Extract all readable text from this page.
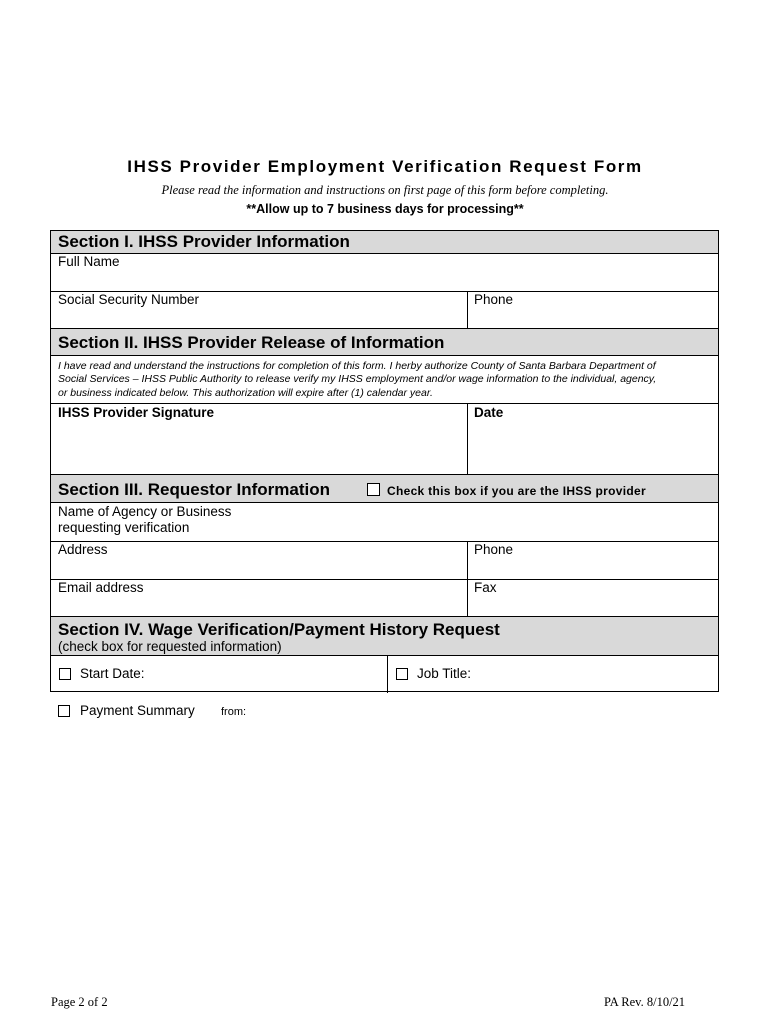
IHSS Provider Employment Verification Request Form
Please read the information and instructions on first page of this form before completing.
**Allow up to 7 business days for processing**
Section I. IHSS Provider Information
Full Name
Social Security Number	Phone
Section II. IHSS Provider Release of Information
I have read and understand the instructions for completion of this form. I herby authorize County of Santa Barbara Department of
Social Services – IHSS Public Authority to release verify my IHSS employment and/or wage information to the individual, agency,
or business indicated below. This authorization will expire after (1) calendar year.
IHSS Provider Signature	Date
Section III. Requestor Information	Check this box if you are the IHSS provider
Name of Agency or Business
requesting verification
Address	Phone
Email address	Fax
Section IV. Wage Verification/Payment History Request
(check box for requested information)
Start Date:	Job Title:
Payment Summary from:
Page 2 of 2	PA Rev. 8/10/21
